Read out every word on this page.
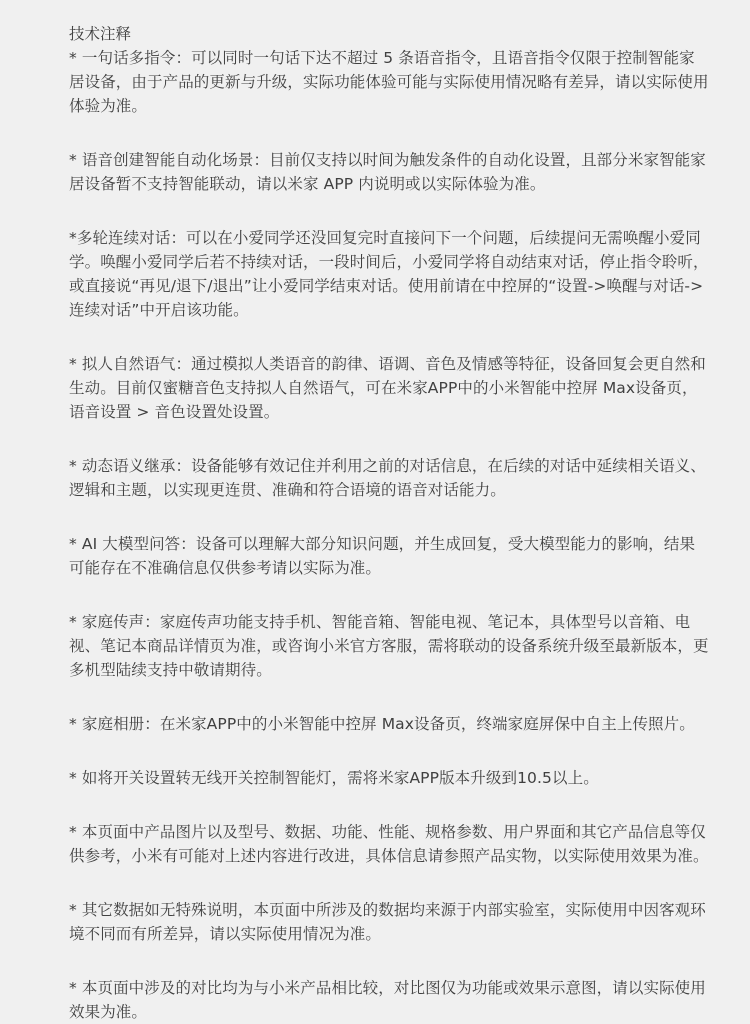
技术注释

* 一句话多指令：可以同时一句话下达不超过 5 条语音指令，且语音指令仅限于控制智能家居设备，由于产品的更新与升级，实际功能体验可能与实际使用情况略有差异，请以实际使用体验为准。

* 语音创建智能自动化场景：目前仅支持以时间为触发条件的自动化设置，且部分米家智能家居设备暂不支持智能联动，请以米家 APP 内说明或以实际体验为准。

*多轮连续对话：可以在小爱同学还没回复完时直接问下一个问题，后续提问无需唤醒小爱同学。唤醒小爱同学后若不持续对话，一段时间后，小爱同学将自动结束对话，停止指令聆听，或直接说“再见/退下/退出”让小爱同学结束对话。使用前请在中控屏的“设置->唤醒与对话->连续对话”中开启该功能。

* 拟人自然语气：通过模拟人类语音的韵律、语调、音色及情感等特征，设备回复会更自然和生动。目前仅蜜糖音色支持拟人自然语气，可在米家APP中的小米智能中控屏 Max设备页，语音设置 > 音色设置处设置。

* 动态语义继承：设备能够有效记住并利用之前的对话信息，在后续的对话中延续相关语义、逻辑和主题，以实现更连贯、准确和符合语境的语音对话能力。

* AI 大模型问答：设备可以理解大部分知识问题，并生成回复，受大模型能力的影响，结果可能存在不准确信息仅供参考请以实际为准。

* 家庭传声：家庭传声功能支持手机、智能音箱、智能电视、笔记本，具体型号以音箱、电视、笔记本商品详情页为准，或咨询小米官方客服，需将联动的设备系统升级至最新版本，更多机型陆续支持中敬请期待。

* 家庭相册：在米家APP中的小米智能中控屏 Max设备页，终端家庭屏保中自主上传照片。

* 如将开关设置转无线开关控制智能灯，需将米家APP版本升级到10.5以上。

* 本页面中产品图片以及型号、数据、功能、性能、规格参数、用户界面和其它产品信息等仅供参考，小米有可能对上述内容进行改进，具体信息请参照产品实物，以实际使用效果为准。

* 其它数据如无特殊说明，本页面中所涉及的数据均来源于内部实验室，实际使用中因客观环境不同而有所差异，请以实际使用情况为准。

* 本页面中涉及的对比均为与小米产品相比较，对比图仅为功能或效果示意图，请以实际使用效果为准。
